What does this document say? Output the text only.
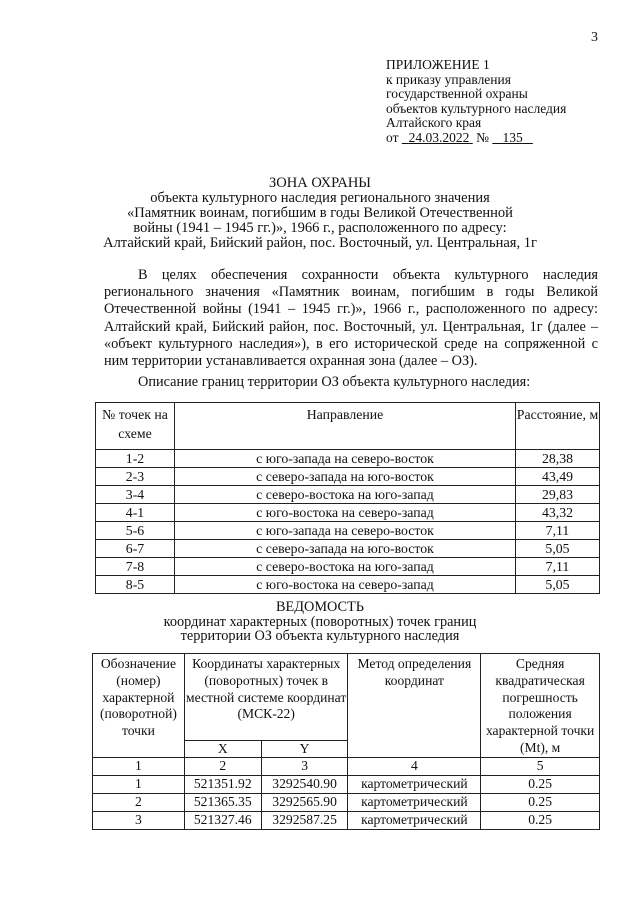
3
ПРИЛОЖЕНИЕ 1
к приказу управления
государственной охраны
объектов культурного наследия
Алтайского края
от 24.03.2022 № 135
ЗОНА ОХРАНЫ
объекта культурного наследия регионального значения
«Памятник воинам, погибшим в годы Великой Отечественной
войны (1941 – 1945 гг.)», 1966 г., расположенного по адресу:
Алтайский край, Бийский район, пос. Восточный, ул. Центральная, 1г

В целях обеспечения сохранности объекта культурного наследия регионального значения «Памятник воинам, погибшим в годы Великой Отечественной войны (1941 – 1945 гг.)», 1966 г., расположенного по адресу: Алтайский край, Бийский район, пос. Восточный, ул. Центральная, 1г (далее – «объект культурного наследия»), в его исторической среде на сопряженной с ним территории устанавливается охранная зона (далее – ОЗ).

Описание границ территории ОЗ объекта культурного наследия:
№ точек на схеме	Направление	Расстояние, м
1-2	с юго-запада на северо-восток	28,38
2-3	с северо-запада на юго-восток	43,49
3-4	с северо-востока на юго-запад	29,83
4-1	с юго-востока на северо-запад	43,32
5-6	с юго-запада на северо-восток	7,11
6-7	с северо-запада на юго-восток	5,05
7-8	с северо-востока на юго-запад	7,11
8-5	с юго-востока на северо-запад	5,05
ВЕДОМОСТЬ
координат характерных (поворотных) точек границ
территории ОЗ объекта культурного наследия
Обозначение (номер) характерной (поворотной) точки	Координаты характерных (поворотных) точек в местной системе координат (МСК-22)		Метод определения координат	Средняя квадратическая погрешность положения характерной точки (Mt), м
	X	Y		
1	2	3	4	5
1	521351.92	3292540.90	картометрический	0.25
2	521365.35	3292565.90	картометрический	0.25
3	521327.46	3292587.25	картометрический	0.25
